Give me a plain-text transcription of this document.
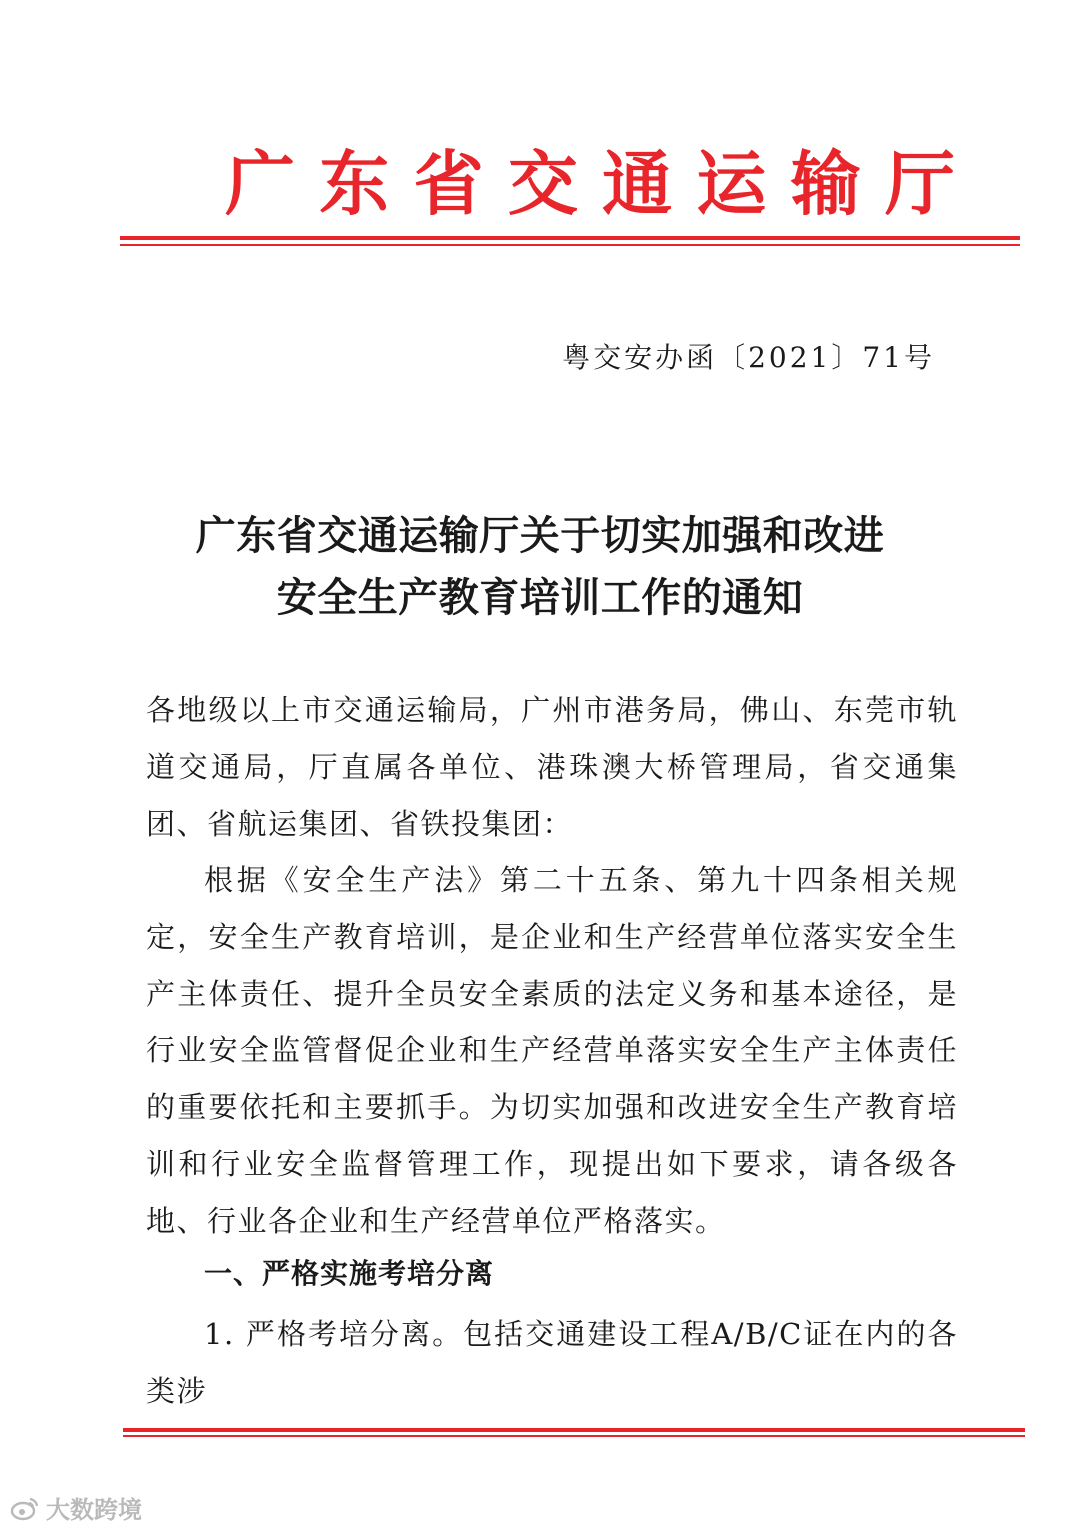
广 东 省 交 通 运 输 厅
粤交安办函〔2021〕71号
广东省交通运输厅关于切实加强和改进
安全生产教育培训工作的通知

各地级以上市交通运输局，广州市港务局，佛山、东莞市轨道交通局，厅直属各单位、港珠澳大桥管理局，省交通集团、省航运集团、省铁投集团：

根据《安全生产法》第二十五条、第九十四条相关规定，安全生产教育培训，是企业和生产经营单位落实安全生产主体责任、提升全员安全素质的法定义务和基本途径，是行业安全监管督促企业和生产经营单落实安全生产主体责任的重要依托和主要抓手。为切实加强和改进安全生产教育培训和行业安全监督管理工作，现提出如下要求，请各级各地、行业各企业和生产经营单位严格落实。

一、严格实施考培分离

1. 严格考培分离。包括交通建设工程A/B/C证在内的各类涉

大数跨境
